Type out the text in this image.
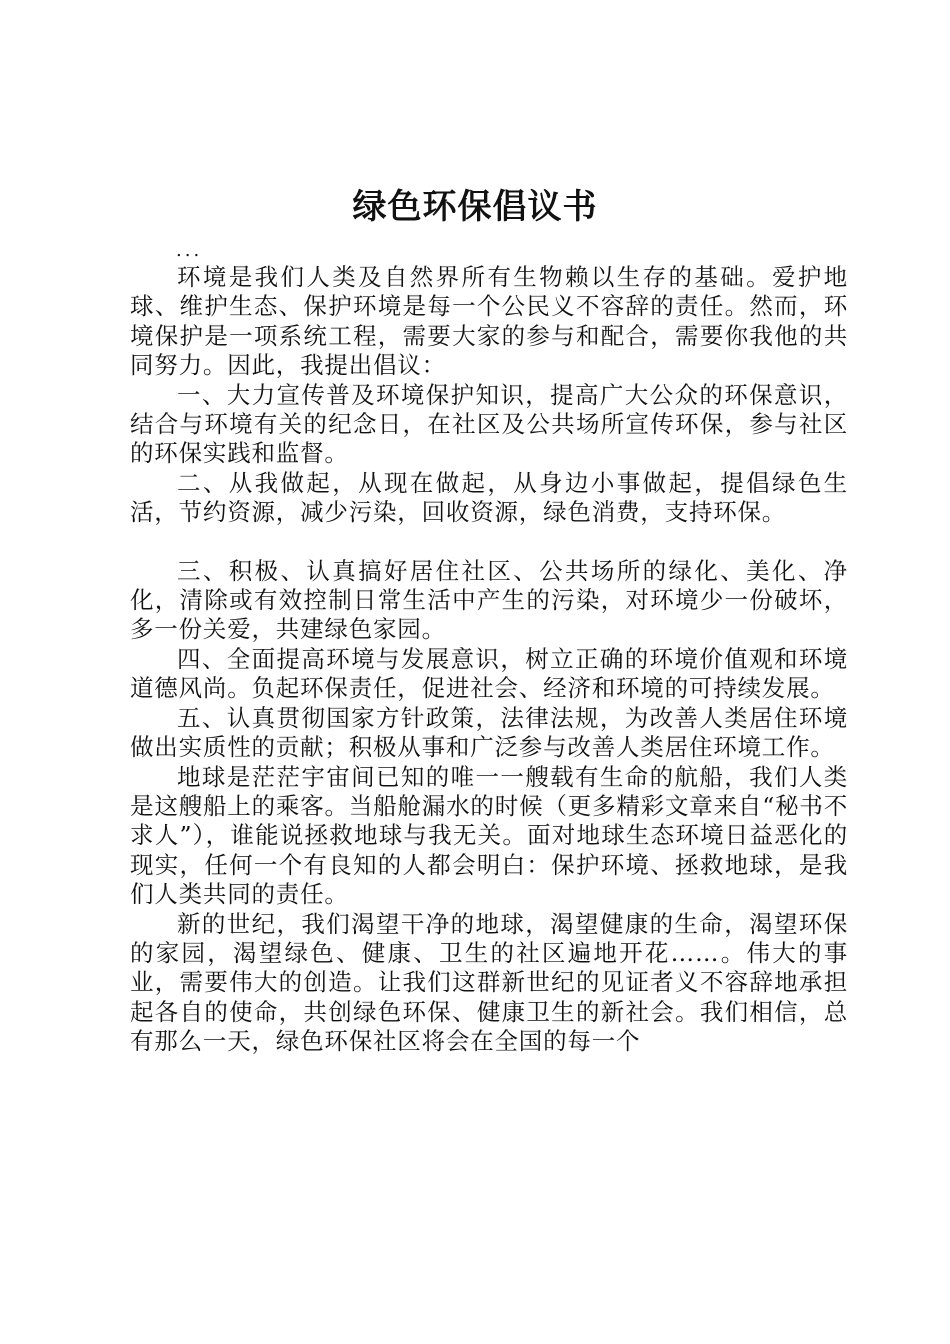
绿色环保倡议书
...

环境是我们人类及自然界所有生物赖以生存的基础。爱护地球、维护生态、保护环境是每一个公民义不容辞的责任。然而，环境保护是一项系统工程，需要大家的参与和配合，需要你我他的共同努力。因此，我提出倡议：

一、大力宣传普及环境保护知识，提高广大公众的环保意识，结合与环境有关的纪念日，在社区及公共场所宣传环保，参与社区的环保实践和监督。

二、从我做起，从现在做起，从身边小事做起，提倡绿色生活，节约资源，减少污染，回收资源，绿色消费，支持环保。

三、积极、认真搞好居住社区、公共场所的绿化、美化、净化，清除或有效控制日常生活中产生的污染，对环境少一份破坏，多一份关爱，共建绿色家园。

四、全面提高环境与发展意识，树立正确的环境价值观和环境道德风尚。负起环保责任，促进社会、经济和环境的可持续发展。

五、认真贯彻国家方针政策，法律法规，为改善人类居住环境做出实质性的贡献；积极从事和广泛参与改善人类居住环境工作。

地球是茫茫宇宙间已知的唯一一艘载有生命的航船，我们人类是这艘船上的乘客。当船舱漏水的时候（更多精彩文章来自“秘书不求人”），谁能说拯救地球与我无关。面对地球生态环境日益恶化的现实，任何一个有良知的人都会明白：保护环境、拯救地球，是我们人类共同的责任。

新的世纪，我们渴望干净的地球，渴望健康的生命，渴望环保的家园，渴望绿色、健康、卫生的社区遍地开花……。伟大的事业，需要伟大的创造。让我们这群新世纪的见证者义不容辞地承担起各自的使命，共创绿色环保、健康卫生的新社会。我们相信，总有那么一天，绿色环保社区将会在全国的每一个
